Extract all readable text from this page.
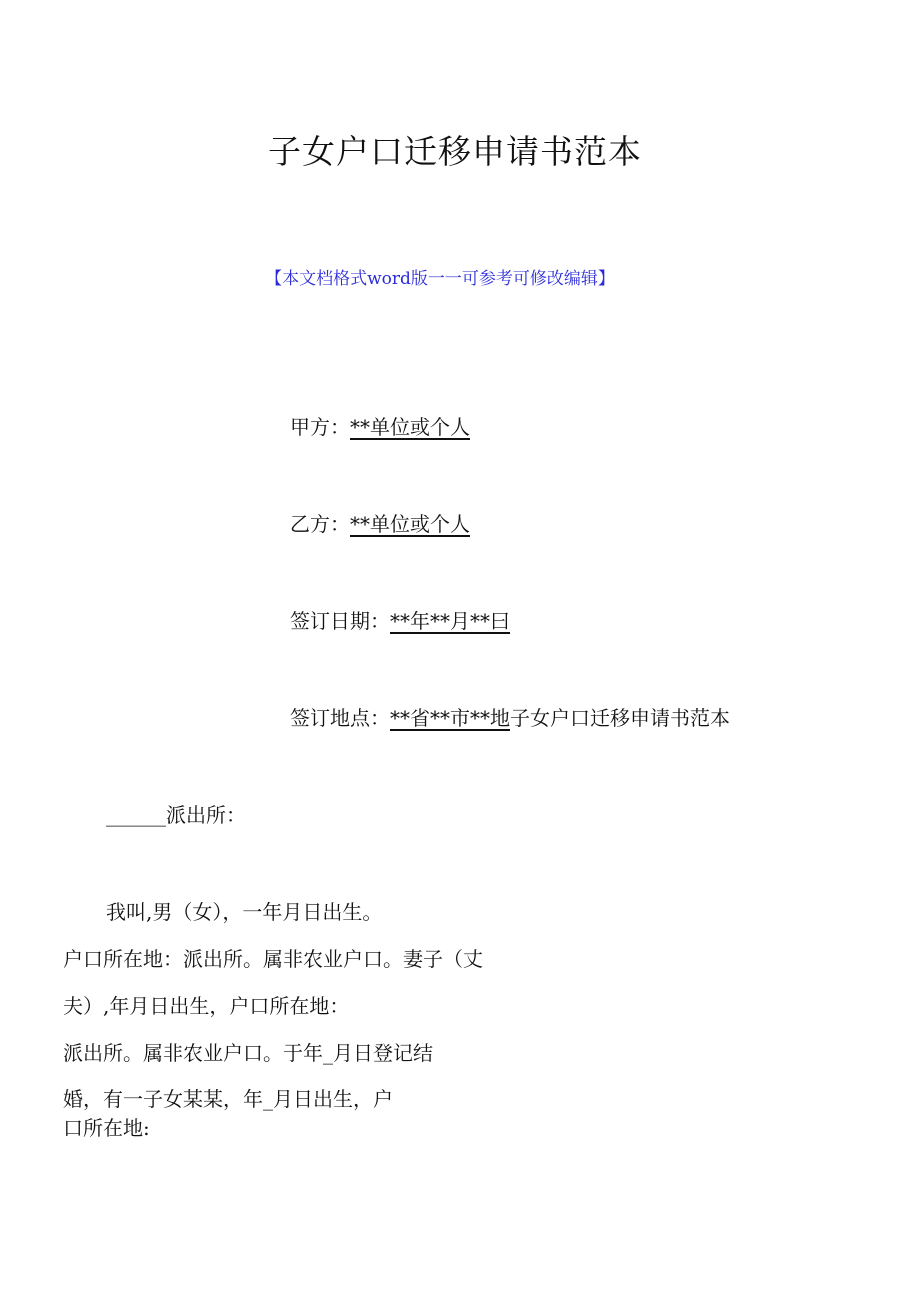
子女户口迁移申请书范本
【本文档格式word版一一可参考可修改编辑】
甲方：**单位或个人
乙方：**单位或个人
签订日期：**年**月**曰
签订地点：**省**市**地子女户口迁移申请书范本
______派出所：
我叫,男（女），一年月日出生。
户口所在地：派出所。属非农业户口。妻子（丈
夫）,年月日出生，户口所在地：
派出所。属非农业户口。于年_月日登记结
婚，有一子女某某，年_月日出生，户
口所在地:
